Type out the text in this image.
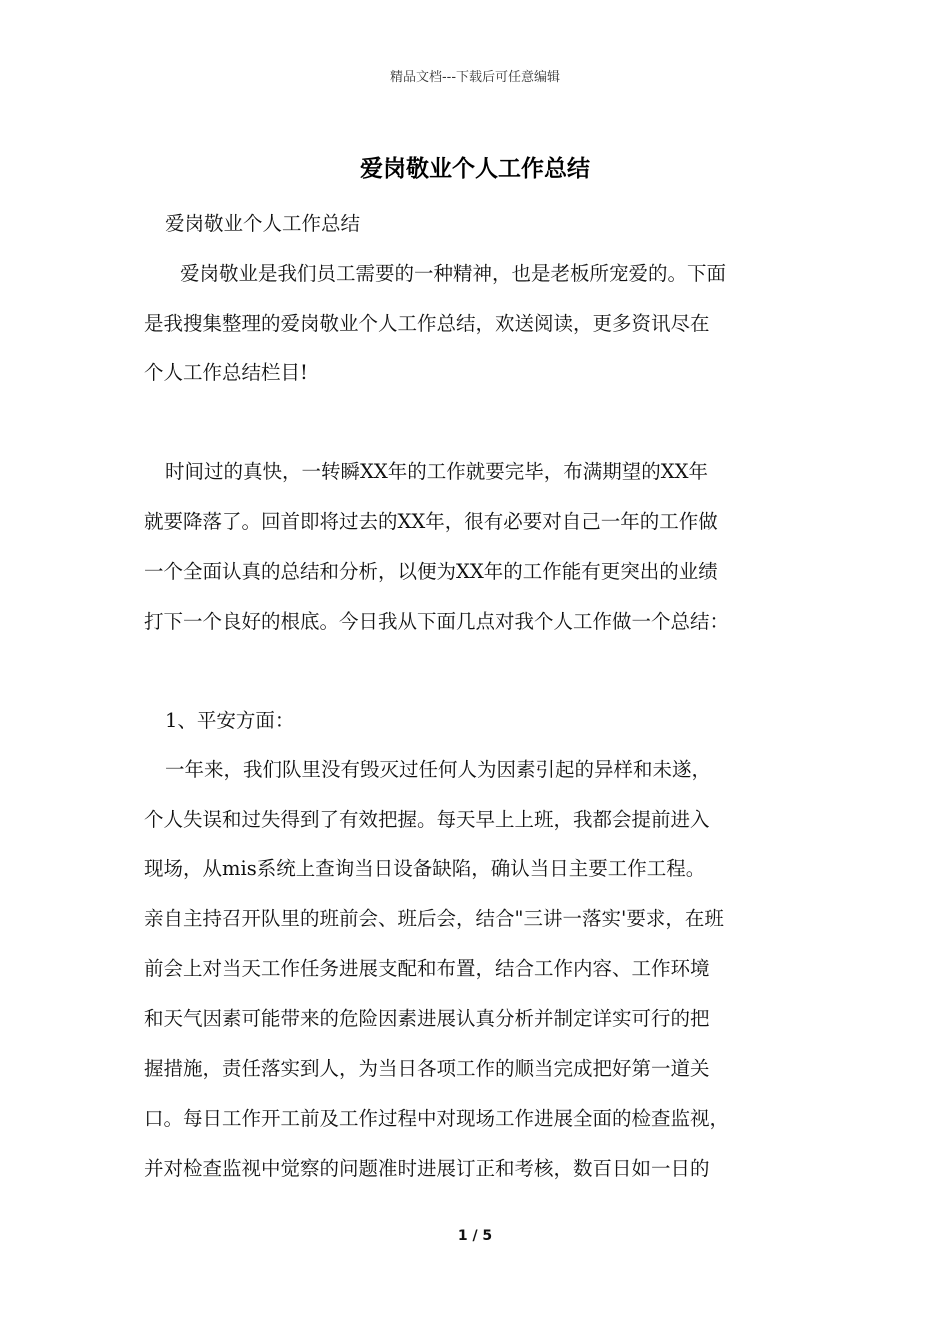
精品文档---下载后可任意编辑
爱岗敬业个人工作总结
爱岗敬业个人工作总结
爱岗敬业是我们员工需要的一种精神，也是老板所宠爱的。下面
是我搜集整理的爱岗敬业个人工作总结，欢送阅读，更多资讯尽在
个人工作总结栏目!
时间过的真快，一转瞬XX年的工作就要完毕，布满期望的XX年
就要降落了。回首即将过去的XX年，很有必要对自己一年的工作做
一个全面认真的总结和分析，以便为XX年的工作能有更突出的业绩
打下一个良好的根底。今日我从下面几点对我个人工作做一个总结：
1、平安方面：
一年来，我们队里没有毁灭过任何人为因素引起的异样和未遂，
个人失误和过失得到了有效把握。每天早上上班，我都会提前进入
现场，从mis系统上查询当日设备缺陷，确认当日主要工作工程。
亲自主持召开队里的班前会、班后会，结合"三讲一落实'要求，在班
前会上对当天工作任务进展支配和布置，结合工作内容、工作环境
和天气因素可能带来的危险因素进展认真分析并制定详实可行的把
握措施，责任落实到人，为当日各项工作的顺当完成把好第一道关
口。每日工作开工前及工作过程中对现场工作进展全面的检查监视，
并对检查监视中觉察的问题准时进展订正和考核，数百日如一日的
1 / 5
